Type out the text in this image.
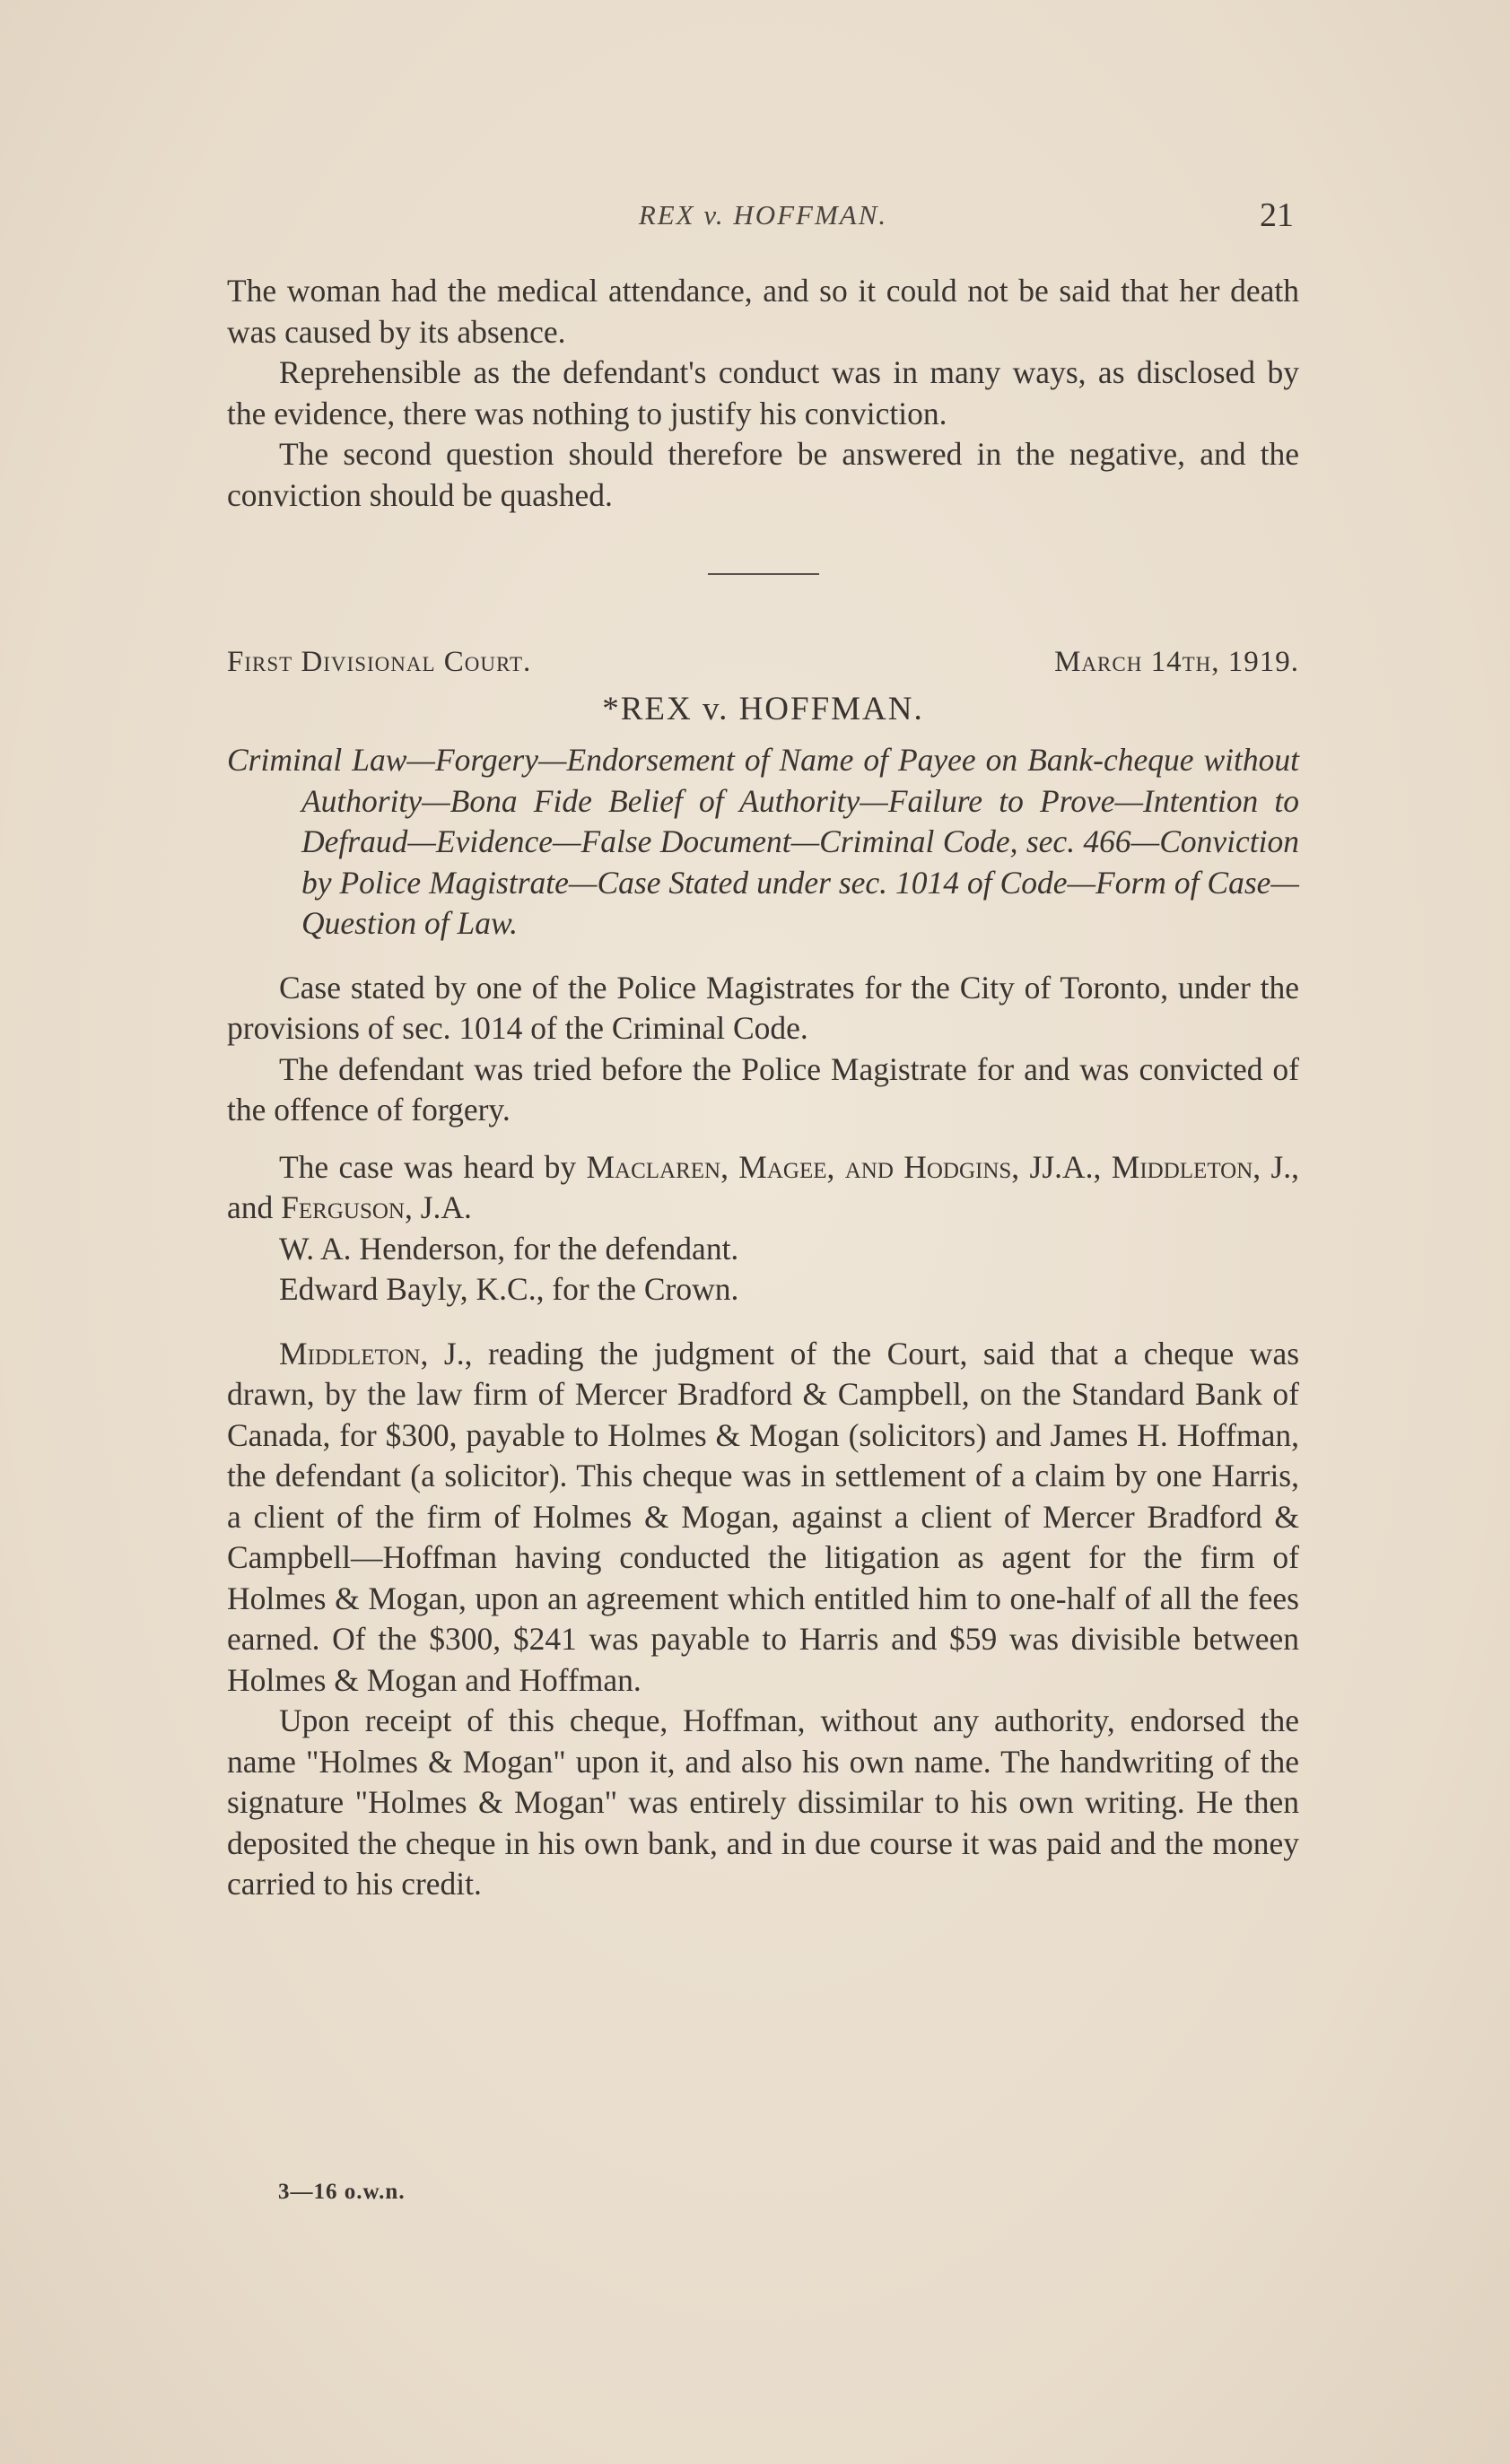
REX v. HOFFMAN.	21

The woman had the medical attendance, and so it could not be said that her death was caused by its absence.

Reprehensible as the defendant's conduct was in many ways, as disclosed by the evidence, there was nothing to justify his conviction.

The second question should therefore be answered in the negative, and the conviction should be quashed.

First Divisional Court.	March 14th, 1919.
*REX v. HOFFMAN.

Criminal Law—Forgery—Endorsement of Name of Payee on Bank-cheque without Authority—Bona Fide Belief of Authority—Failure to Prove—Intention to Defraud—Evidence—False Document—Criminal Code, sec. 466—Conviction by Police Magistrate—Case Stated under sec. 1014 of Code—Form of Case—Question of Law.

Case stated by one of the Police Magistrates for the City of Toronto, under the provisions of sec. 1014 of the Criminal Code.

The defendant was tried before the Police Magistrate for and was convicted of the offence of forgery.

The case was heard by Maclaren, Magee, and Hodgins, JJ.A., Middleton, J., and Ferguson, J.A.

W. A. Henderson, for the defendant.

Edward Bayly, K.C., for the Crown.

Middleton, J., reading the judgment of the Court, said that a cheque was drawn, by the law firm of Mercer Bradford & Campbell, on the Standard Bank of Canada, for $300, payable to Holmes & Mogan (solicitors) and James H. Hoffman, the defendant (a solicitor). This cheque was in settlement of a claim by one Harris, a client of the firm of Holmes & Mogan, against a client of Mercer Bradford & Campbell—Hoffman having conducted the litigation as agent for the firm of Holmes & Mogan, upon an agreement which entitled him to one-half of all the fees earned. Of the $300, $241 was payable to Harris and $59 was divisible between Holmes & Mogan and Hoffman.

Upon receipt of this cheque, Hoffman, without any authority, endorsed the name "Holmes & Mogan" upon it, and also his own name. The handwriting of the signature "Holmes & Mogan" was entirely dissimilar to his own writing. He then deposited the cheque in his own bank, and in due course it was paid and the money carried to his credit.

3—16 o.w.n.
